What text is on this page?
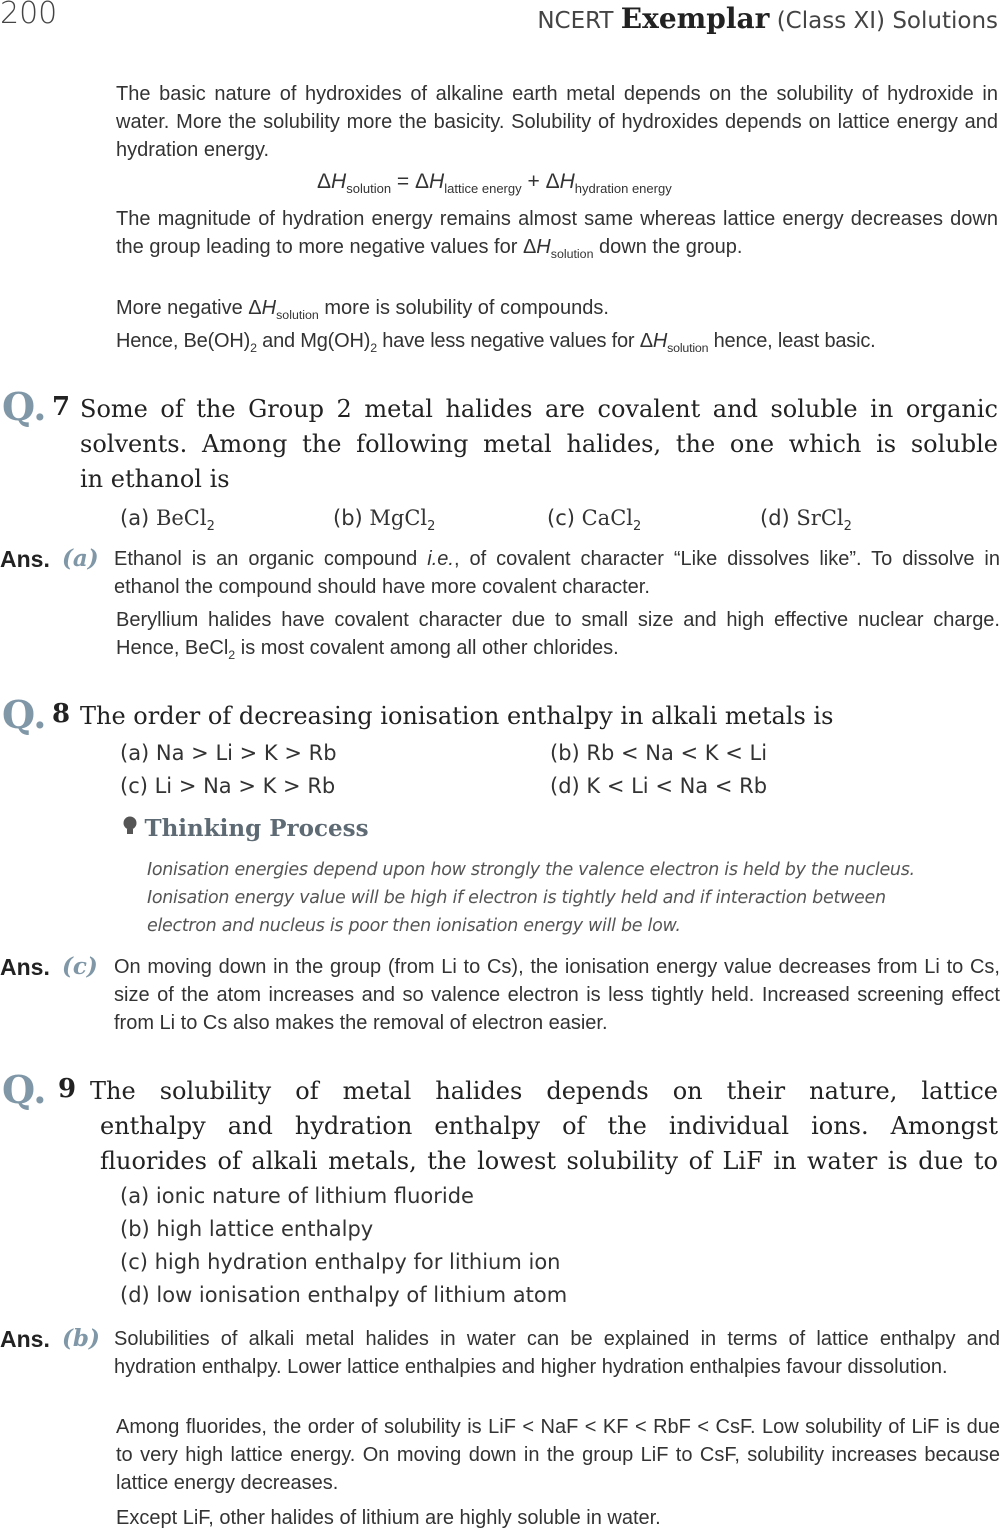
200	NCERT Exemplar (Class XI) Solutions
The basic nature of hydroxides of alkaline earth metal depends on the solubility of hydroxide in water. More the solubility more the basicity. Solubility of hydroxides depends on lattice energy and hydration energy.
$\Delta H_{solution} = \Delta H_{lattice energy} + \Delta H_{hydration energy}$
The magnitude of hydration energy remains almost same whereas lattice energy decreases down the group leading to more negative values for $\Delta H_{solution}$ down the group.
More negative $\Delta H_{solution}$ more is solubility of compounds.
Hence, $Be(OH)_2$ and $Mg(OH)_2$ have less negative values for $\Delta H_{solution}$ hence, least basic.
Q. 7 Some of the Group 2 metal halides are covalent and soluble in organic
solvents. Among the following metal halides, the one which is soluble
in ethanol is
(a) BeCl$_2$	(b) MgCl$_2$	(c) CaCl$_2$	(d) SrCl$_2$
Ans. (a) Ethanol is an organic compound i.e., of covalent character “Like dissolves like”. To dissolve in ethanol the compound should have more covalent character.
Beryllium halides have covalent character due to small size and high effective nuclear charge. Hence, BeCl$_2$ is most covalent among all other chlorides.
Q. 8 The order of decreasing ionisation enthalpy in alkali metals is
(a) Na > Li > K > Rb	(b) Rb < Na < K < Li
(c) Li > Na > K > Rb	(d) K < Li < Na < Rb
Thinking Process
Ionisation energies depend upon how strongly the valence electron is held by the nucleus.
Ionisation energy value will be high if electron is tightly held and if interaction between
electron and nucleus is poor then ionisation energy will be low.
Ans. (c) On moving down in the group (from Li to Cs), the ionisation energy value decreases from Li to Cs, size of the atom increases and so valence electron is less tightly held. Increased screening effect from Li to Cs also makes the removal of electron easier.
Q. 9 The solubility of metal halides depends on their nature, lattice
enthalpy and hydration enthalpy of the individual ions. Amongst
fluorides of alkali metals, the lowest solubility of LiF in water is due to
(a) ionic nature of lithium fluoride
(b) high lattice enthalpy
(c) high hydration enthalpy for lithium ion
(d) low ionisation enthalpy of lithium atom
Ans. (b) Solubilities of alkali metal halides in water can be explained in terms of lattice enthalpy and hydration enthalpy. Lower lattice enthalpies and higher hydration enthalpies favour dissolution.
Among fluorides, the order of solubility is LiF < NaF < KF < RbF < CsF. Low solubility of LiF is due to very high lattice energy. On moving down in the group LiF to CsF, solubility increases because lattice energy decreases.
Except LiF, other halides of lithium are highly soluble in water.
